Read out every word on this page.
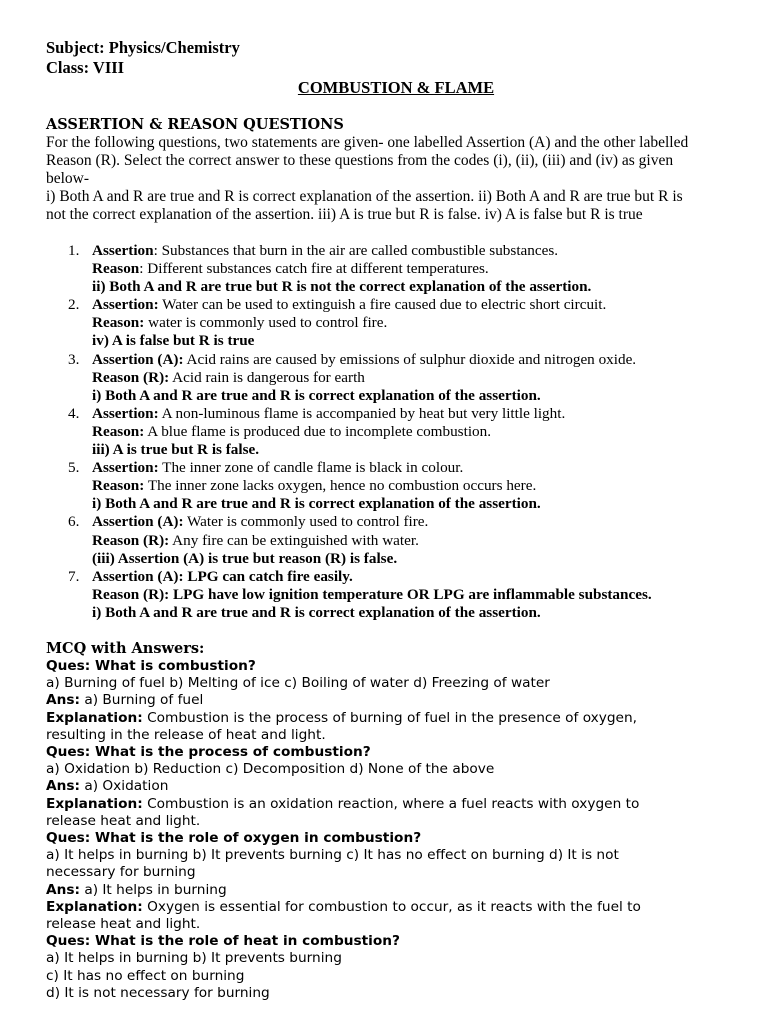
Subject: Physics/Chemistry
Class: VIII
COMBUSTION & FLAME
ASSERTION & REASON QUESTIONS
For the following questions, two statements are given- one labelled Assertion (A) and the other labelled
Reason (R). Select the correct answer to these questions from the codes (i), (ii), (iii) and (iv) as given
below-
i) Both A and R are true and R is correct explanation of the assertion. ii) Both A and R are true but R is
not the correct explanation of the assertion. iii) A is true but R is false. iv) A is false but R is true
1. Assertion: Substances that burn in the air are called combustible substances.
Reason: Different substances catch fire at different temperatures.
ii) Both A and R are true but R is not the correct explanation of the assertion.
2. Assertion: Water can be used to extinguish a fire caused due to electric short circuit.
Reason: water is commonly used to control fire.
iv) A is false but R is true
3. Assertion (A): Acid rains are caused by emissions of sulphur dioxide and nitrogen oxide.
Reason (R): Acid rain is dangerous for earth
i) Both A and R are true and R is correct explanation of the assertion.
4. Assertion: A non-luminous flame is accompanied by heat but very little light.
Reason: A blue flame is produced due to incomplete combustion.
iii) A is true but R is false.
5. Assertion: The inner zone of candle flame is black in colour.
Reason: The inner zone lacks oxygen, hence no combustion occurs here.
i) Both A and R are true and R is correct explanation of the assertion.
6. Assertion (A): Water is commonly used to control fire.
Reason (R): Any fire can be extinguished with water.
(iii) Assertion (A) is true but reason (R) is false.
7. Assertion (A): LPG can catch fire easily.
Reason (R): LPG have low ignition temperature OR LPG are inflammable substances.
i) Both A and R are true and R is correct explanation of the assertion.
MCQ with Answers:
Ques: What is combustion?
a) Burning of fuel b) Melting of ice c) Boiling of water d) Freezing of water
Ans: a) Burning of fuel
Explanation: Combustion is the process of burning of fuel in the presence of oxygen,
resulting in the release of heat and light.
Ques: What is the process of combustion?
a) Oxidation b) Reduction c) Decomposition d) None of the above
Ans: a) Oxidation
Explanation: Combustion is an oxidation reaction, where a fuel reacts with oxygen to
release heat and light.
Ques: What is the role of oxygen in combustion?
a) It helps in burning b) It prevents burning c) It has no effect on burning d) It is not
necessary for burning
Ans: a) It helps in burning
Explanation: Oxygen is essential for combustion to occur, as it reacts with the fuel to
release heat and light.
Ques: What is the role of heat in combustion?
a) It helps in burning b) It prevents burning
c) It has no effect on burning
d) It is not necessary for burning
